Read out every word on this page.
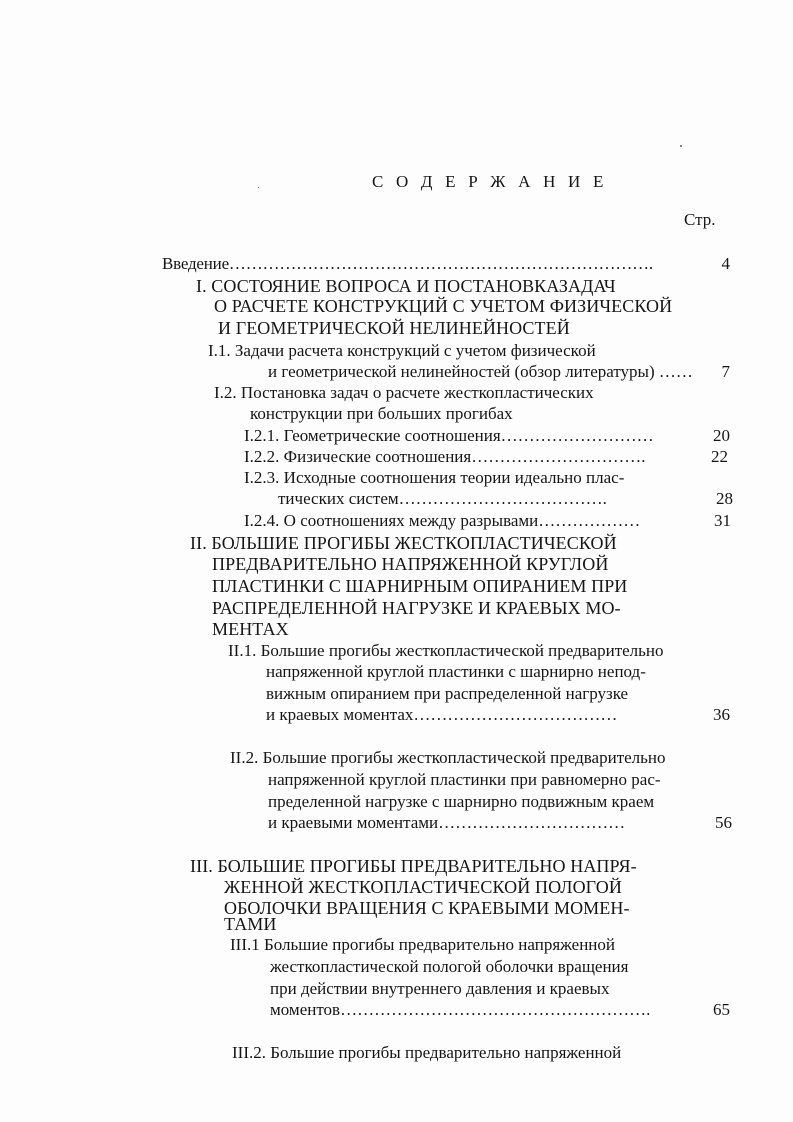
С О Д Е Р Ж А Н И Е
Стр.
Введение………………………………………………………………….	4
I. СОСТОЯНИЕ ВОПРОСА И ПОСТАНОВКАЗАДАЧ
О РАСЧЕТЕ КОНСТРУКЦИЙ С УЧЕТОМ ФИЗИЧЕСКОЙ
И ГЕОМЕТРИЧЕСКОЙ НЕЛИНЕЙНОСТЕЙ
I.1. Задачи расчета конструкций с учетом физической
и геометрической нелинейностей (обзор литературы) ……	7
I.2. Постановка задач о расчете жесткопластических
конструкции при больших прогибах
I.2.1. Геометрические соотношения………………………	20
I.2.2. Физические соотношения………………………….	22
I.2.3. Исходные соотношения теории идеально плас-
тических систем……………………………….	28
I.2.4. О соотношениях между разрывами………………	31
II. БОЛЬШИЕ ПРОГИБЫ ЖЕСТКОПЛАСТИЧЕСКОЙ
ПРЕДВАРИТЕЛЬНО НАПРЯЖЕННОЙ КРУГЛОЙ
ПЛАСТИНКИ С ШАРНИРНЫМ ОПИРАНИЕМ ПРИ
РАСПРЕДЕЛЕННОЙ НАГРУЗКЕ И КРАЕВЫХ МО-
МЕНТАХ
II.1. Большие прогибы жесткопластической предварительно
напряженной круглой пластинки с шарнирно непод-
вижным опиранием при распределенной нагрузке
и краевых моментах………………………………	36
II.2. Большие прогибы жесткопластической предварительно
напряженной круглой пластинки при равномерно рас-
пределенной нагрузке с шарнирно подвижным краем
и краевыми моментами……………………………	56
III. БОЛЬШИЕ ПРОГИБЫ ПРЕДВАРИТЕЛЬНО НАПРЯ-
ЖЕННОЙ ЖЕСТКОПЛАСТИЧЕСКОЙ ПОЛОГОЙ
ОБОЛОЧКИ ВРАЩЕНИЯ С КРАЕВЫМИ МОМЕН-
ТАМИ
III.1 Большие прогибы предварительно напряженной
жесткопластической пологой оболочки вращения
при действии внутреннего давления и краевых
моментов……………………………………………….	65
III.2. Большие прогибы предварительно напряженной
